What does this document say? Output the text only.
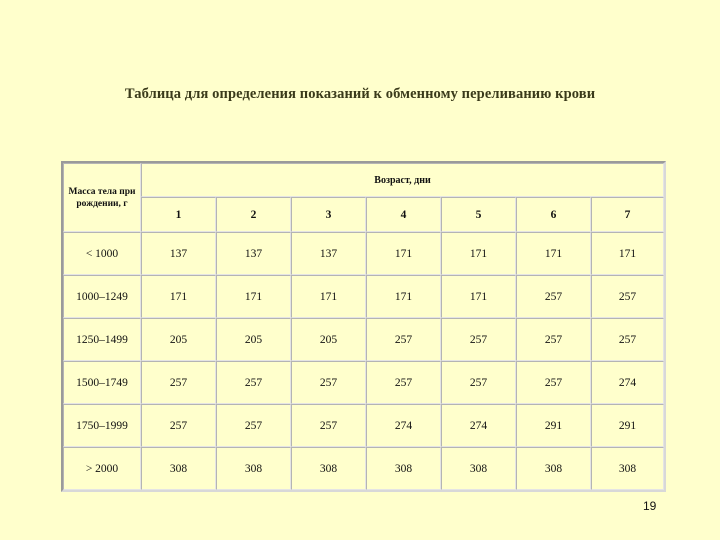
Таблица для определения показаний к обменному переливанию крови
Масса тела при рождении, г	Возраст, дни						
	1	2	3	4	5	6	7
< 1000	137	137	137	171	171	171	171
1000–1249	171	171	171	171	171	257	257
1250–1499	205	205	205	257	257	257	257
1500–1749	257	257	257	257	257	257	274
1750–1999	257	257	257	274	274	291	291
> 2000	308	308	308	308	308	308	308
19
